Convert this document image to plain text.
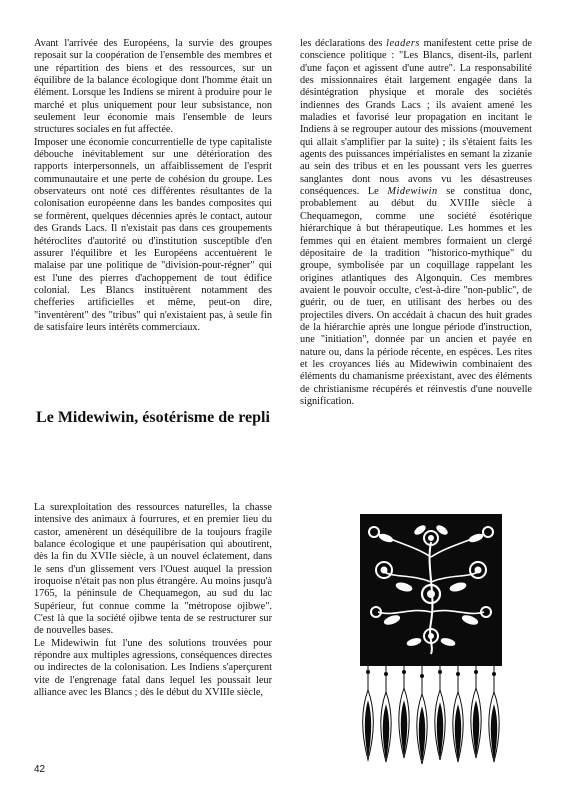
Avant l'arrivée des Européens, la survie des groupes reposait sur la coopération de l'ensemble des membres et une répartition des biens et des ressources, sur un équilibre de la balance écologique dont l'homme était un élément. Lorsque les Indiens se mirent à produire pour le marché et plus uniquement pour leur subsistance, non seulement leur économie mais l'ensemble de leurs structures sociales en fut affectée.

Imposer une économie concurrentielle de type capitaliste débouche inévitablement sur une détérioration des rapports interpersonnels, un affaiblissement de l'esprit communautaire et une perte de cohésion du groupe. Les observateurs ont noté ces différentes résultantes de la colonisation européenne dans les bandes composites qui se formèrent, quelques décennies après le contact, autour des Grands Lacs. Il n'existait pas dans ces groupements hétéroclites d'autorité ou d'institution susceptible d'en assurer l'équilibre et les Européens accentuèrent le malaise par une politique de "division-pour-régner" qui est l'une des pierres d'achoppement de tout édifice colonial. Les Blancs instituèrent notamment des chefferies artificielles et même, peut-on dire, "inventèrent" des "tribus" qui n'existaient pas, à seule fin de satisfaire leurs intérêts commerciaux.

Le Midewiwin, ésotérisme de repli

La surexploitation des ressources naturelles, la chasse intensive des animaux à fourrures, et en premier lieu du castor, amenèrent un déséquilibre de la toujours fragile balance écologique et une paupérisation qui aboutirent, dès la fin du XVIIe siècle, à un nouvel éclatement, dans le sens d'un glissement vers l'Ouest auquel la pression iroquoise n'était pas non plus étrangère. Au moins jusqu'à 1765, la péninsule de Chequamegon, au sud du lac Supérieur, fut connue comme la "métropose ojibwe". C'est là que la société ojibwe tenta de se restructurer sur de nouvelles bases.

Le Midewiwin fut l'une des solutions trouvées pour répondre aux multiples agressions, conséquences directes ou indirectes de la colonisation. Les Indiens s'aperçurent vite de l'engrenage fatal dans lequel les poussait leur alliance avec les Blancs ; dès le début du XVIIIe siècle,

les déclarations des leaders manifestent cette prise de conscience politique : "Les Blancs, disent-ils, parlent d'une façon et agissent d'une autre". La responsabilité des missionnaires était largement engagée dans la désintégration physique et morale des sociétés indiennes des Grands Lacs ; ils avaient amené les maladies et favorisé leur propagation en incitant le Indiens à se regrouper autour des missions (mouvement qui allait s'amplifier par la suite) ; ils s'étaient faits les agents des puissances impérialistes en semant la zizanie au sein des tribus et en les poussant vers les guerres sanglantes dont nous avons vu les désastreuses conséquences. Le Midewiwin se constitua donc, probablement au début du XVIIIe siècle à Chequamegon, comme une société ésotérique hiérarchique à but thérapeutique. Les hommes et les femmes qui en étaient membres formaient un clergé dépositaire de la tradition "historico-mythique" du groupe, symbolisée par un coquillage rappelant les origines atlantiques des Algonquin. Ces membres avaient le pouvoir occulte, c'est-à-dire "non-public", de guérir, ou de tuer, en utilisant des herbes ou des projectiles divers. On accédait à chacun des huit grades de la hiérarchie après une longue période d'instruction, une "initiation", donnée par un ancien et payée en nature ou, dans la période récente, en espèces. Les rites et les croyances liés au Midewiwin combinaient des éléments du chamanisme préexistant, avec des éléments de christianisme récupérés et réinvestis d'une nouvelle signification.

42
